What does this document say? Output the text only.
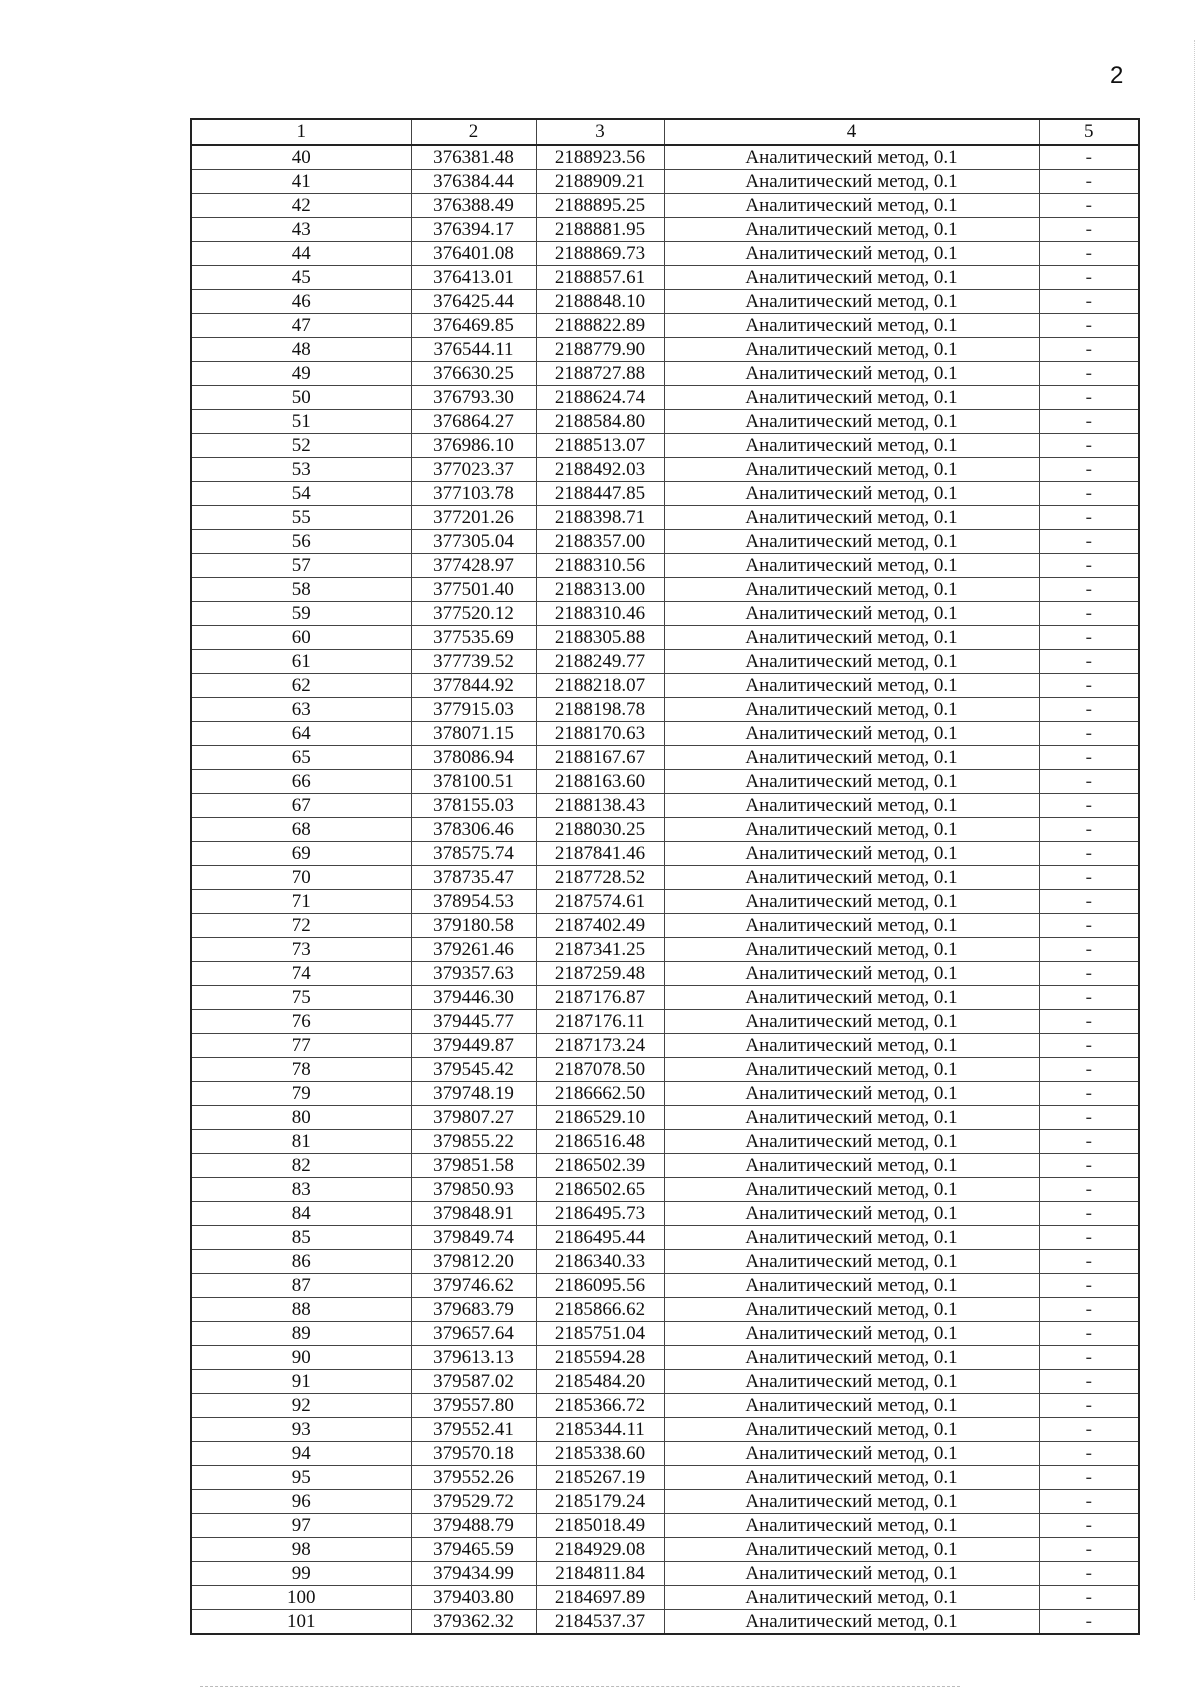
2
1	2	3	4	5
40	376381.48	2188923.56	Аналитический метод, 0.1	-
41	376384.44	2188909.21	Аналитический метод, 0.1	-
42	376388.49	2188895.25	Аналитический метод, 0.1	-
43	376394.17	2188881.95	Аналитический метод, 0.1	-
44	376401.08	2188869.73	Аналитический метод, 0.1	-
45	376413.01	2188857.61	Аналитический метод, 0.1	-
46	376425.44	2188848.10	Аналитический метод, 0.1	-
47	376469.85	2188822.89	Аналитический метод, 0.1	-
48	376544.11	2188779.90	Аналитический метод, 0.1	-
49	376630.25	2188727.88	Аналитический метод, 0.1	-
50	376793.30	2188624.74	Аналитический метод, 0.1	-
51	376864.27	2188584.80	Аналитический метод, 0.1	-
52	376986.10	2188513.07	Аналитический метод, 0.1	-
53	377023.37	2188492.03	Аналитический метод, 0.1	-
54	377103.78	2188447.85	Аналитический метод, 0.1	-
55	377201.26	2188398.71	Аналитический метод, 0.1	-
56	377305.04	2188357.00	Аналитический метод, 0.1	-
57	377428.97	2188310.56	Аналитический метод, 0.1	-
58	377501.40	2188313.00	Аналитический метод, 0.1	-
59	377520.12	2188310.46	Аналитический метод, 0.1	-
60	377535.69	2188305.88	Аналитический метод, 0.1	-
61	377739.52	2188249.77	Аналитический метод, 0.1	-
62	377844.92	2188218.07	Аналитический метод, 0.1	-
63	377915.03	2188198.78	Аналитический метод, 0.1	-
64	378071.15	2188170.63	Аналитический метод, 0.1	-
65	378086.94	2188167.67	Аналитический метод, 0.1	-
66	378100.51	2188163.60	Аналитический метод, 0.1	-
67	378155.03	2188138.43	Аналитический метод, 0.1	-
68	378306.46	2188030.25	Аналитический метод, 0.1	-
69	378575.74	2187841.46	Аналитический метод, 0.1	-
70	378735.47	2187728.52	Аналитический метод, 0.1	-
71	378954.53	2187574.61	Аналитический метод, 0.1	-
72	379180.58	2187402.49	Аналитический метод, 0.1	-
73	379261.46	2187341.25	Аналитический метод, 0.1	-
74	379357.63	2187259.48	Аналитический метод, 0.1	-
75	379446.30	2187176.87	Аналитический метод, 0.1	-
76	379445.77	2187176.11	Аналитический метод, 0.1	-
77	379449.87	2187173.24	Аналитический метод, 0.1	-
78	379545.42	2187078.50	Аналитический метод, 0.1	-
79	379748.19	2186662.50	Аналитический метод, 0.1	-
80	379807.27	2186529.10	Аналитический метод, 0.1	-
81	379855.22	2186516.48	Аналитический метод, 0.1	-
82	379851.58	2186502.39	Аналитический метод, 0.1	-
83	379850.93	2186502.65	Аналитический метод, 0.1	-
84	379848.91	2186495.73	Аналитический метод, 0.1	-
85	379849.74	2186495.44	Аналитический метод, 0.1	-
86	379812.20	2186340.33	Аналитический метод, 0.1	-
87	379746.62	2186095.56	Аналитический метод, 0.1	-
88	379683.79	2185866.62	Аналитический метод, 0.1	-
89	379657.64	2185751.04	Аналитический метод, 0.1	-
90	379613.13	2185594.28	Аналитический метод, 0.1	-
91	379587.02	2185484.20	Аналитический метод, 0.1	-
92	379557.80	2185366.72	Аналитический метод, 0.1	-
93	379552.41	2185344.11	Аналитический метод, 0.1	-
94	379570.18	2185338.60	Аналитический метод, 0.1	-
95	379552.26	2185267.19	Аналитический метод, 0.1	-
96	379529.72	2185179.24	Аналитический метод, 0.1	-
97	379488.79	2185018.49	Аналитический метод, 0.1	-
98	379465.59	2184929.08	Аналитический метод, 0.1	-
99	379434.99	2184811.84	Аналитический метод, 0.1	-
100	379403.80	2184697.89	Аналитический метод, 0.1	-
101	379362.32	2184537.37	Аналитический метод, 0.1	-
